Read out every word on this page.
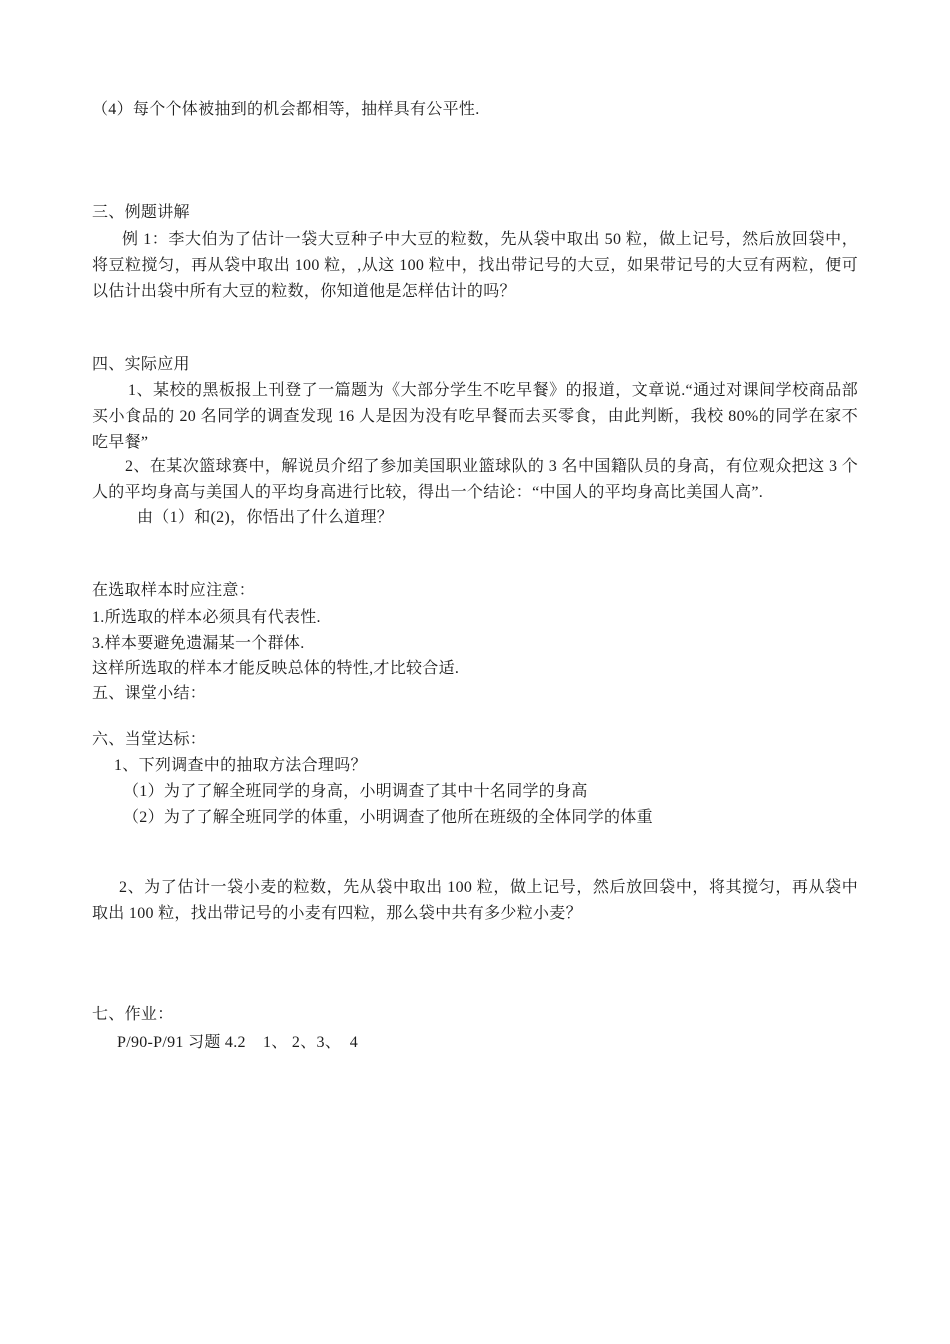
（4）每个个体被抽到的机会都相等，抽样具有公平性.

三、例题讲解

例 1：李大伯为了估计一袋大豆种子中大豆的粒数，先从袋中取出 50 粒，做上记号，然后放回袋中，将豆粒搅匀，再从袋中取出 100 粒，,从这 100 粒中，找出带记号的大豆，如果带记号的大豆有两粒，便可以估计出袋中所有大豆的粒数，你知道他是怎样估计的吗？

四、实际应用

1、某校的黑板报上刊登了一篇题为《大部分学生不吃早餐》的报道，文章说.“通过对课间学校商品部买小食品的 20 名同学的调查发现 16 人是因为没有吃早餐而去买零食，由此判断，我校 80%的同学在家不吃早餐”

2、在某次篮球赛中，解说员介绍了参加美国职业篮球队的 3 名中国籍队员的身高，有位观众把这 3 个人的平均身高与美国人的平均身高进行比较，得出一个结论：“中国人的平均身高比美国人高”.

由（1）和(2)，你悟出了什么道理？

在选取样本时应注意：

1.所选取的样本必须具有代表性.

3.样本要避免遗漏某一个群体.

这样所选取的样本才能反映总体的特性,才比较合适.

五、课堂小结：

六、当堂达标：

1、下列调查中的抽取方法合理吗？

（1）为了了解全班同学的身高，小明调查了其中十名同学的身高

（2）为了了解全班同学的体重，小明调查了他所在班级的全体同学的体重

2、为了估计一袋小麦的粒数，先从袋中取出 100 粒，做上记号，然后放回袋中，将其搅匀，再从袋中取出 100 粒，找出带记号的小麦有四粒，那么袋中共有多少粒小麦？

七、作业：

P/90-P/91 习题 4.2    1、 2、3、  4
